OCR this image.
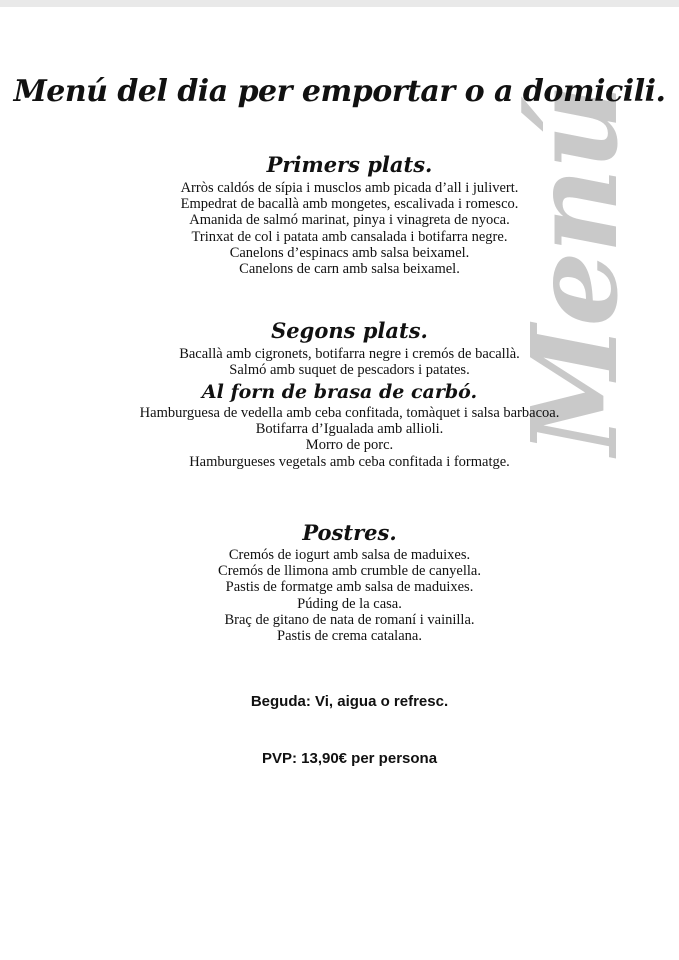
Menú
Menú del dia per emportar o a domicili.
Primers plats.
Arròs caldós de sípia i musclos amb picada d’all i julivert.
Empedrat de bacallà amb mongetes, escalivada i romesco.
Amanida de salmó marinat, pinya i vinagreta de nyoca.
Trinxat de col i patata amb cansalada i botifarra negre.
Canelons d’espinacs amb salsa beixamel.
Canelons de carn amb salsa beixamel.
Segons plats.
Bacallà amb cigronets, botifarra negre i cremós de bacallà.
Salmó amb suquet de pescadors i patates.
Al forn de brasa de carbó.
Hamburguesa de vedella amb ceba confitada, tomàquet i salsa barbacoa.
Botifarra d’Igualada amb allioli.
Morro de porc.
Hamburgueses vegetals amb ceba confitada i formatge.
Postres.
Cremós de iogurt amb salsa de maduixes.
Cremós de llimona amb crumble de canyella.
Pastis de formatge amb salsa de maduixes.
Púding de la casa.
Braç de gitano de nata de romaní i vainilla.
Pastis de crema catalana.

Beguda: Vi, aigua o refresc.

PVP: 13,90€ per persona
